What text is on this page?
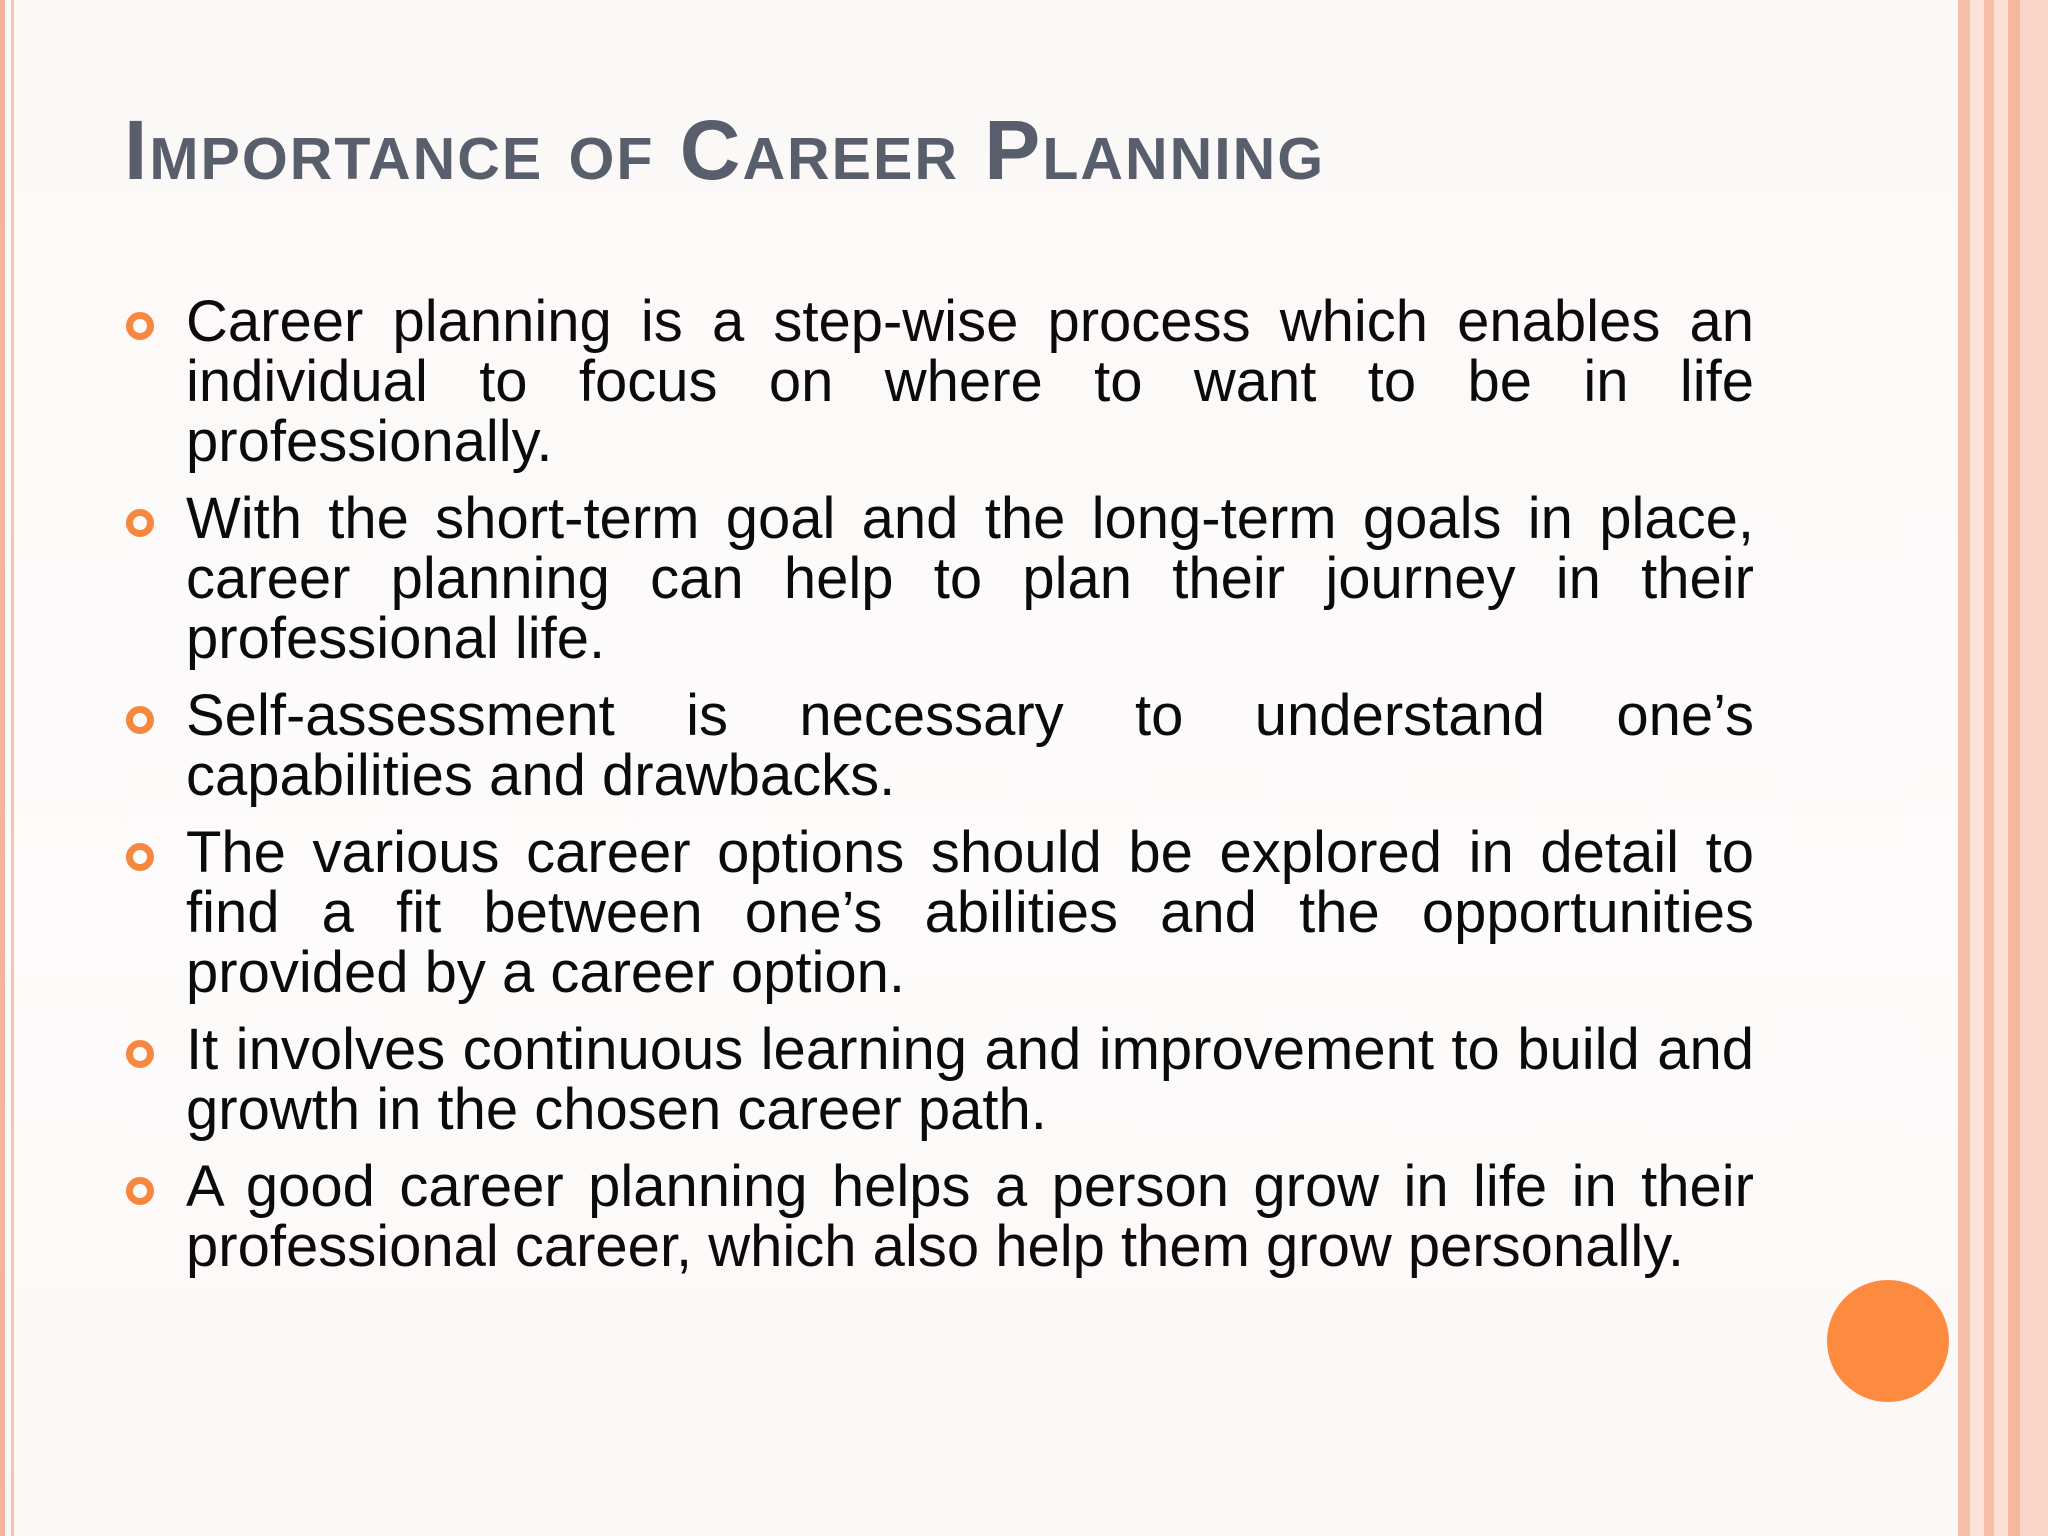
Importance of Career Planning
Career planning is a step-wise process which enables an individual to focus on where to want to be in life professionally.
With the short-term goal and the long-term goals in place, career planning can help to plan their journey in their professional life.
Self-assessment is necessary to understand one’s capabilities and drawbacks.
The various career options should be explored in detail to find a fit between one’s abilities and the opportunities provided by a career option.
It involves continuous learning and improvement to build and growth in the chosen career path.
A good career planning helps a person grow in life in their professional career, which also help them grow personally.
